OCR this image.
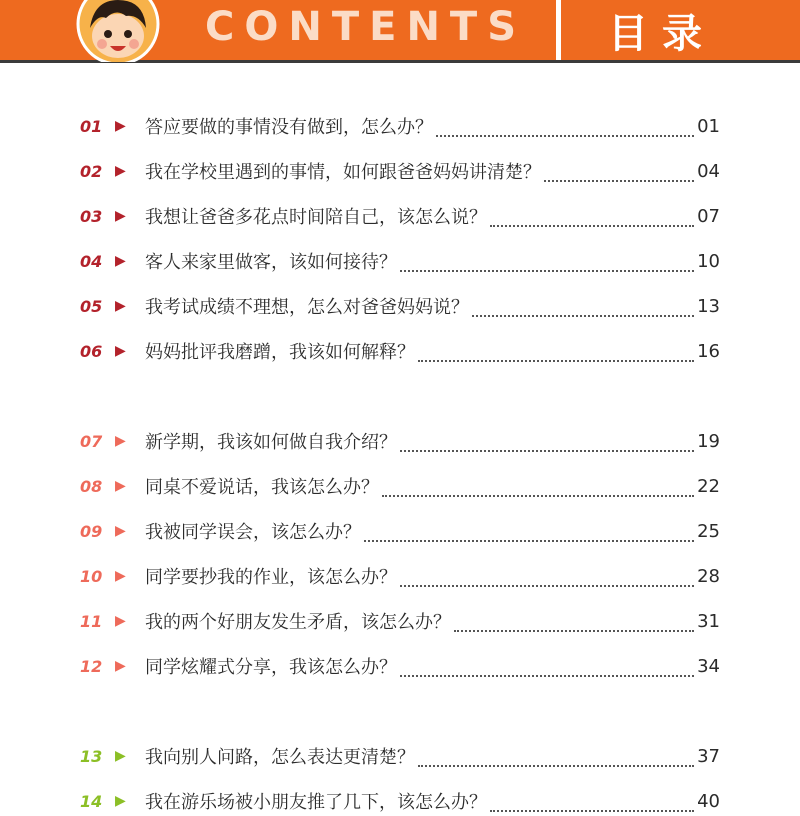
CONTENTS 目录
01 ▶	答应要做的事情没有做到，怎么办？	01
02 ▶	我在学校里遇到的事情，如何跟爸爸妈妈讲清楚？	04
03 ▶	我想让爸爸多花点时间陪自己，该怎么说？	07
04 ▶	客人来家里做客，该如何接待？	10
05 ▶	我考试成绩不理想，怎么对爸爸妈妈说？	13
06 ▶	妈妈批评我磨蹭，我该如何解释？	16
07 ▶	新学期，我该如何做自我介绍？	19
08 ▶	同桌不爱说话，我该怎么办？	22
09 ▶	我被同学误会，该怎么办？	25
10 ▶	同学要抄我的作业，该怎么办？	28
11 ▶	我的两个好朋友发生矛盾，该怎么办？	31
12 ▶	同学炫耀式分享，我该怎么办？	34
13 ▶	我向别人问路，怎么表达更清楚？	37
14 ▶	我在游乐场被小朋友推了几下，该怎么办？	40
